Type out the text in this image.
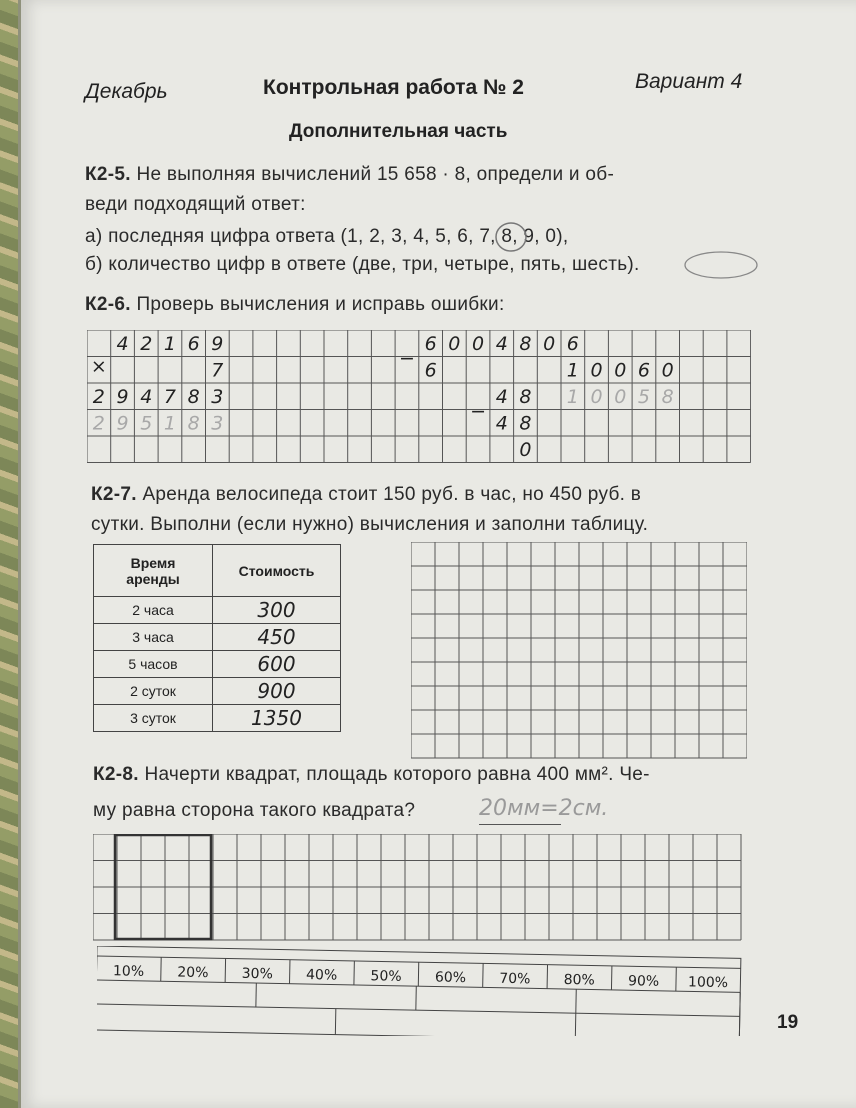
Декабрь	Контрольная работа № 2	Вариант 4
Дополнительная часть
К2-5. Не выполняя вычислений 15 658 · 8, определи и об-
веди подходящий ответ:
а) последняя цифра ответа (1, 2, 3, 4, 5, 6, 7, 8, 9, 0),
б) количество цифр в ответе (две, три, четыре, пять, шесть).
К2-6. Проверь вычисления и исправь ошибки:
×
4 2 1 6 9
7
2 9 4 7 8 3
2 9 5 1 8 3
−
6 0 0 4 8 0 6
6	1 0 0 6 0
1 0 0 5 8
−
4 8
4 8
0
К2-7. Аренда велосипеда стоит 150 руб. в час, но 450 руб. в
сутки. Выполни (если нужно) вычисления и заполни таблицу.
Время
аренды	Стоимость
2 часа	300
3 часа	450
5 часов	600
2 суток	900
3 суток	1350
К2-8. Начерти квадрат, площадь которого равна 400 мм². Че-
му равна сторона такого квадрата?	20мм=2см.
10% 20% 30% 40% 50% 60% 70% 80% 90% 100%
19
